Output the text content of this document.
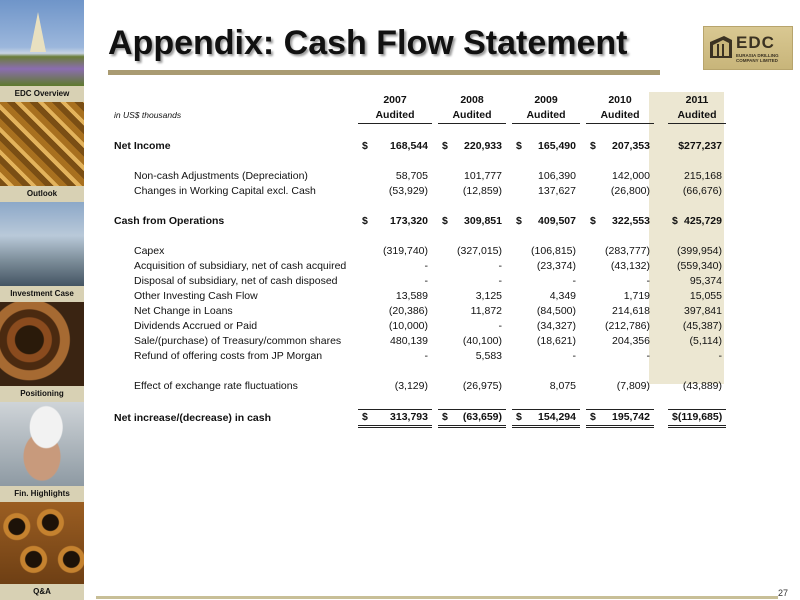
EDC Overview
Outlook
Investment Case
Positioning
Fin. Highlights
Q&A
Appendix: Cash Flow Statement	EDC
EURASIA DRILLING COMPANY LIMITED
	2007		2008		2009		2010		2011
in US$ thousands	Audited		Audited		Audited		Audited		Audited

Net Income	$ 168,544		$ 220,933		$ 165,490		$ 207,353		$277,237

Non-cash Adjustments (Depreciation)	58,705		101,777		106,390		142,000		215,168
Changes in Working Capital excl. Cash	(53,929)		(12,859)		137,627		(26,800)		(66,676)

Cash from Operations	$ 173,320		$ 309,851		$ 409,507		$ 322,553		$ 425,729

Capex	(319,740)		(327,015)		(106,815)		(283,777)		(399,954)
Acquisition of subsidiary, net of cash acquired	-		-		(23,374)		(43,132)		(559,340)
Disposal of subsidiary, net of cash disposed	-		-		-		-		95,374
Other Investing Cash Flow	13,589		3,125		4,349		1,719		15,055
Net Change in Loans	(20,386)		11,872		(84,500)		214,618		397,841
Dividends Accrued or Paid	(10,000)		-		(34,327)		(212,786)		(45,387)
Sale/(purchase) of Treasury/common shares	480,139		(40,100)		(18,621)		204,356		(5,114)
Refund of offering costs from JP Morgan	-		5,583		-		-		-

Effect of exchange rate fluctuations	(3,129)		(26,975)		8,075		(7,809)		(43,889)

Net increase/(decrease) in cash	$ 313,793		$ (63,659)		$ 154,294		$ 195,742		$ (119,685)
27
